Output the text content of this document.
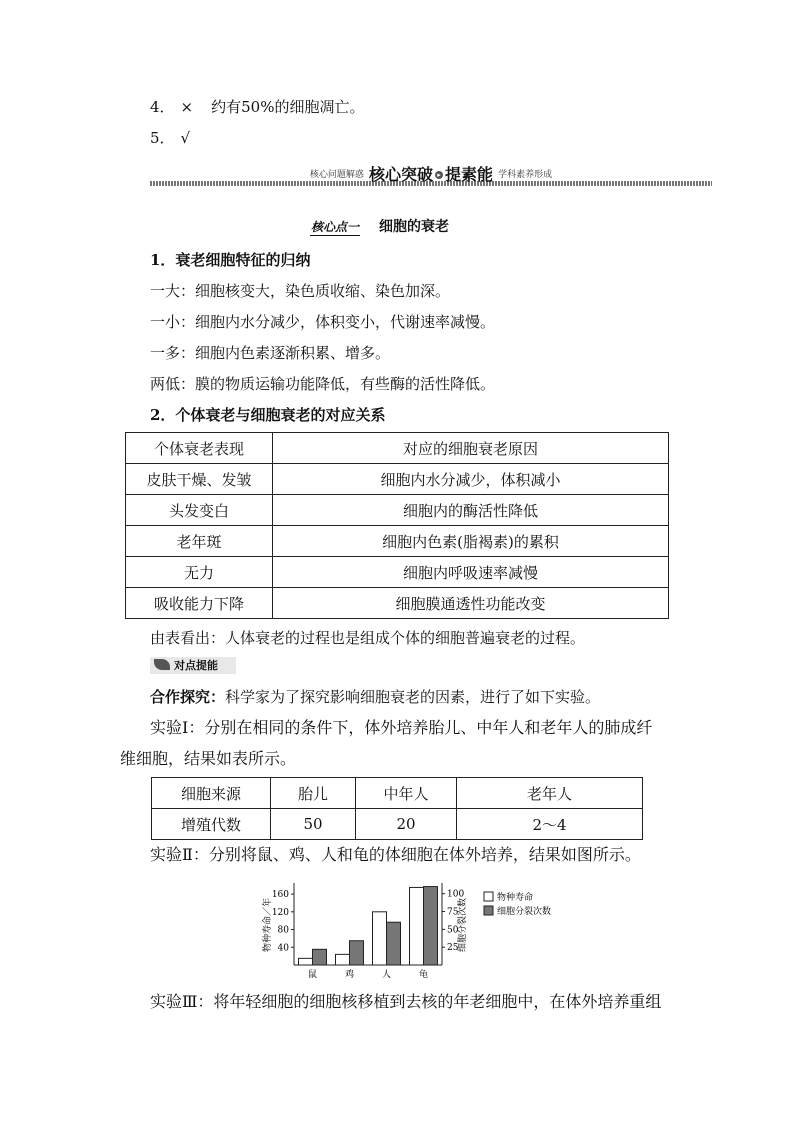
4． × 约有50%的细胞凋亡。
5． √
核心问题解惑 核心突破 ▸ 提素能 学科素养形成
核心点一 细胞的衰老
1．衰老细胞特征的归纳
一大：细胞核变大，染色质收缩、染色加深。
一小：细胞内水分减少，体积变小，代谢速率减慢。
一多：细胞内色素逐渐积累、增多。
两低：膜的物质运输功能降低，有些酶的活性降低。
2．个体衰老与细胞衰老的对应关系
个体衰老表现	对应的细胞衰老原因
皮肤干燥、发皱	细胞内水分减少，体积减小
头发变白	细胞内的酶活性降低
老年斑	细胞内色素(脂褐素)的累积
无力	细胞内呼吸速率减慢
吸收能力下降	细胞膜通透性功能改变
由表看出：人体衰老的过程也是组成个体的细胞普遍衰老的过程。
对点提能
合作探究：科学家为了探究影响细胞衰老的因素，进行了如下实验。
实验Ⅰ：分别在相同的条件下，体外培养胎儿、中年人和老年人的肺成纤
维细胞，结果如表所示。
细胞来源	胎儿	中年人	老年人
增殖代数	50	20	2～4
实验Ⅱ：分别将鼠、鸡、人和龟的体细胞在体外培养，结果如图所示。
物种寿命／年	细胞分裂次数
40
80
120
160
25
50
75
100
鼠	鸡	人	龟
物种寿命
细胞分裂次数
实验Ⅲ：将年轻细胞的细胞核移植到去核的年老细胞中，在体外培养重组
